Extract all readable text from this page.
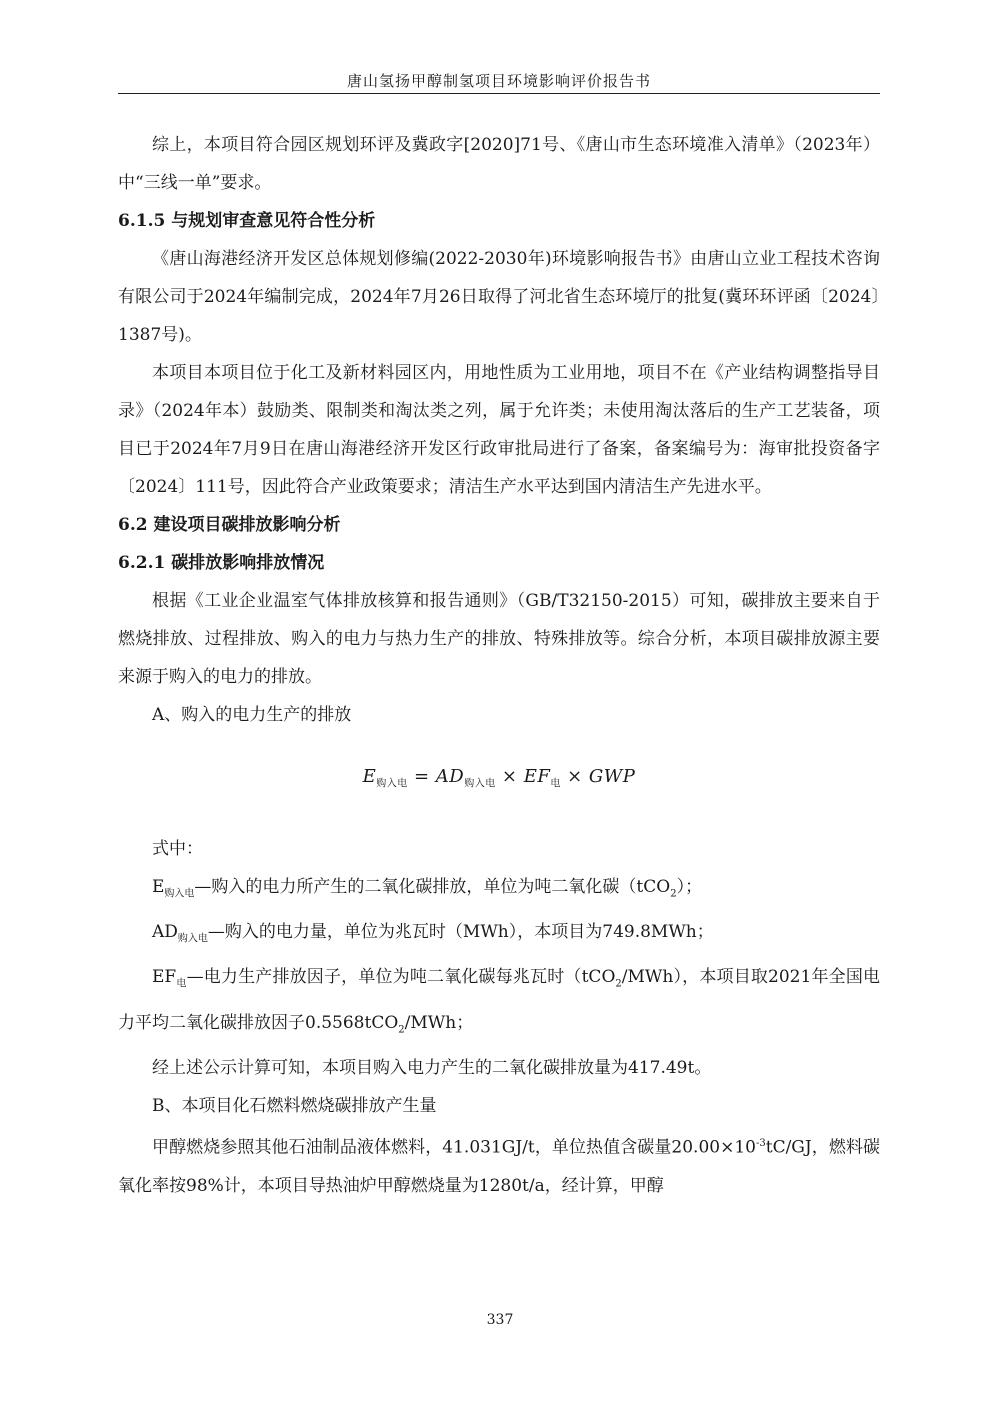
唐山氢扬甲醇制氢项目环境影响评价报告书

综上，本项目符合园区规划环评及冀政字[2020]71号、《唐山市生态环境准入清单》（2023年）中“三线一单”要求。

6.1.5 与规划审查意见符合性分析

《唐山海港经济开发区总体规划修编(2022-2030年)环境影响报告书》由唐山立业工程技术咨询有限公司于2024年编制完成，2024年7月26日取得了河北省生态环境厅的批复(冀环环评函〔2024〕1387号)。

本项目本项目位于化工及新材料园区内，用地性质为工业用地，项目不在《产业结构调整指导目录》（2024年本）鼓励类、限制类和淘汰类之列，属于允许类；未使用淘汰落后的生产工艺装备，项目已于2024年7月9日在唐山海港经济开发区行政审批局进行了备案，备案编号为：海审批投资备字〔2024〕111号，因此符合产业政策要求；清洁生产水平达到国内清洁生产先进水平。

6.2 建设项目碳排放影响分析

6.2.1 碳排放影响排放情况

根据《工业企业温室气体排放核算和报告通则》（GB/T32150-2015）可知，碳排放主要来自于燃烧排放、过程排放、购入的电力与热力生产的排放、特殊排放等。综合分析，本项目碳排放源主要来源于购入的电力的排放。

A、购入的电力生产的排放

$E_{购入电} = AD_{购入电} \times EF_电$ × GWP

式中：

$E_{购入电}—$购入的电力所产生的二氧化碳排放，单位为吨二氧化碳（tCO$_2$）；

$AD_{购入电}—$购入的电力量，单位为兆瓦时（MWh），本项目为749.8MWh；

$EF_电—$电力生产排放因子，单位为吨二氧化碳每兆瓦时（tCO$_2$/MWh），本项目取2021年全国电力平均二氧化碳排放因子0.5568tCO$_2$/MWh；

经上述公示计算可知，本项目购入电力产生的二氧化碳排放量为417.49t。

B、本项目化石燃料燃烧碳排放产生量

甲醇燃烧参照其他石油制品液体燃料，41.031GJ/t，单位热值含碳量$20.00\times 10^{-3}tC/GJ$，燃料碳氧化率按98%计，本项目导热油炉甲醇燃烧量为1280t/a，经计算，甲醇

337
